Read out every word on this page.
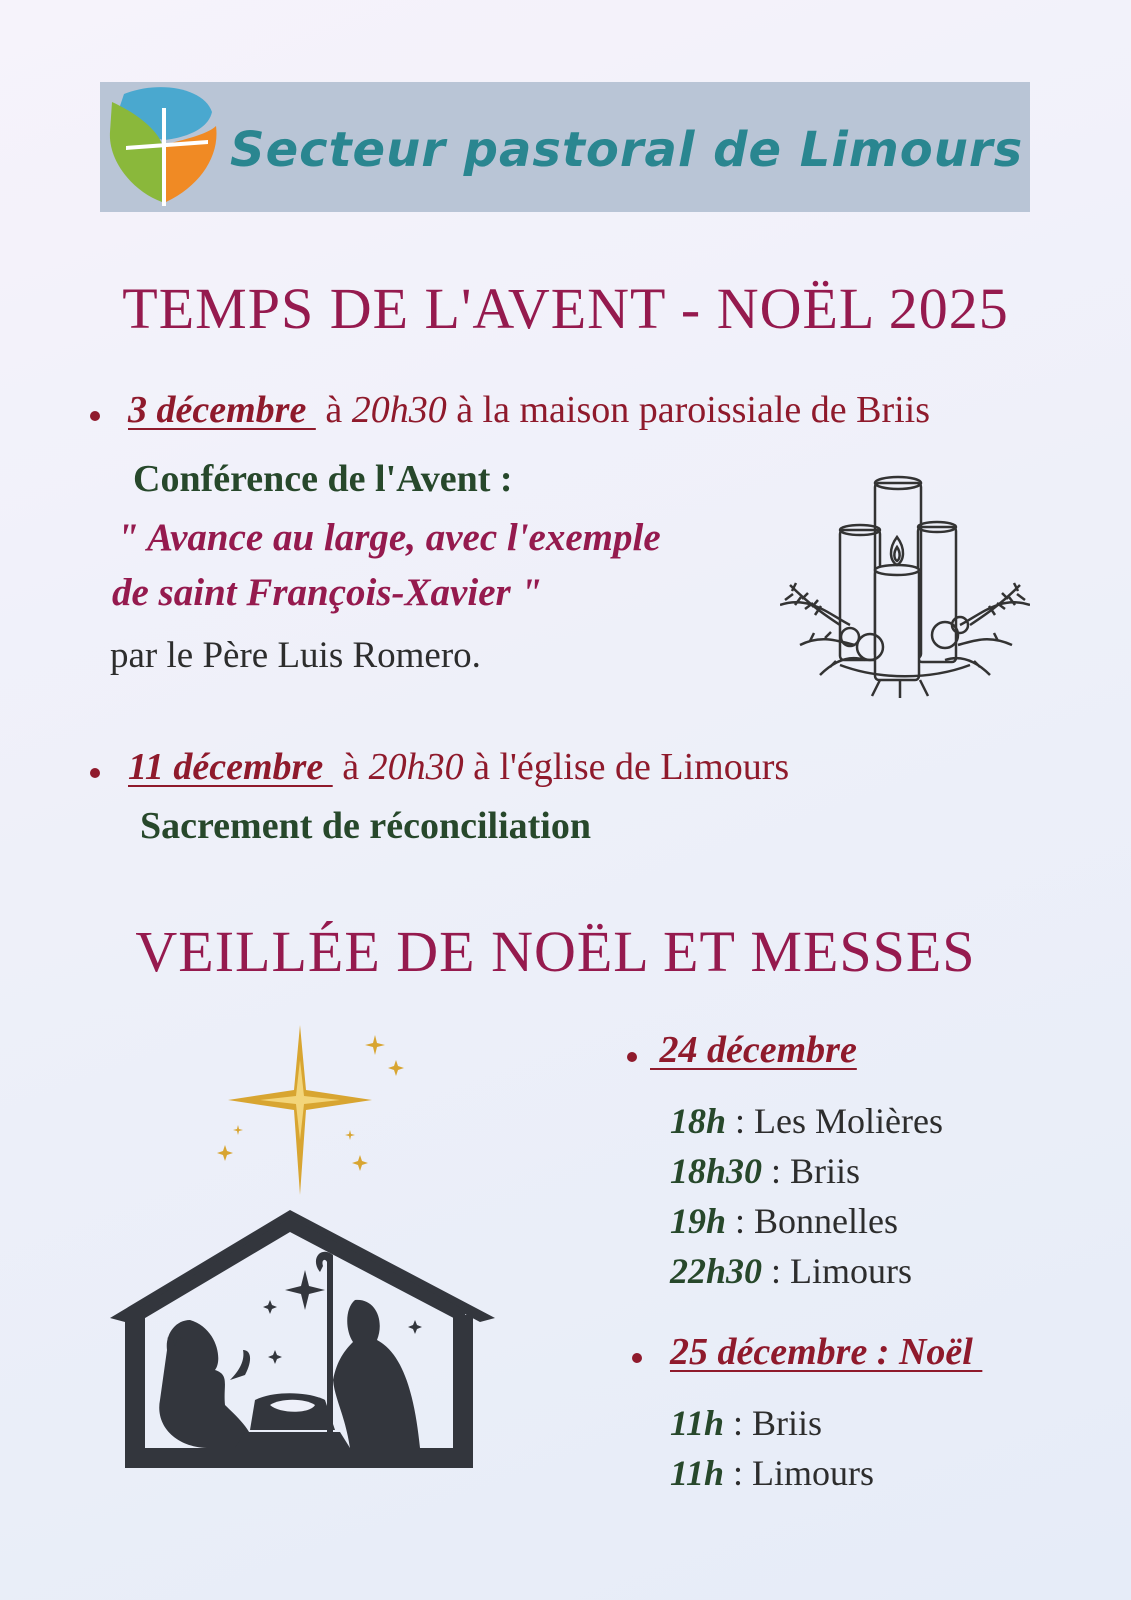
Secteur pastoral de Limours
TEMPS DE L'AVENT - NOËL 2025
3 décembre  à 20h30 à la maison paroissiale de Briis
Conférence de l'Avent :
" Avance au large, avec l'exemple
de saint François-Xavier "
par le Père Luis Romero.
11 décembre  à 20h30 à l'église de Limours
Sacrement de réconciliation
VEILLÉE DE NOËL ET MESSES
24 décembre
18h : Les Molières
18h30 : Briis
19h : Bonnelles
22h30 : Limours
25 décembre : Noël
11h : Briis
11h : Limours
